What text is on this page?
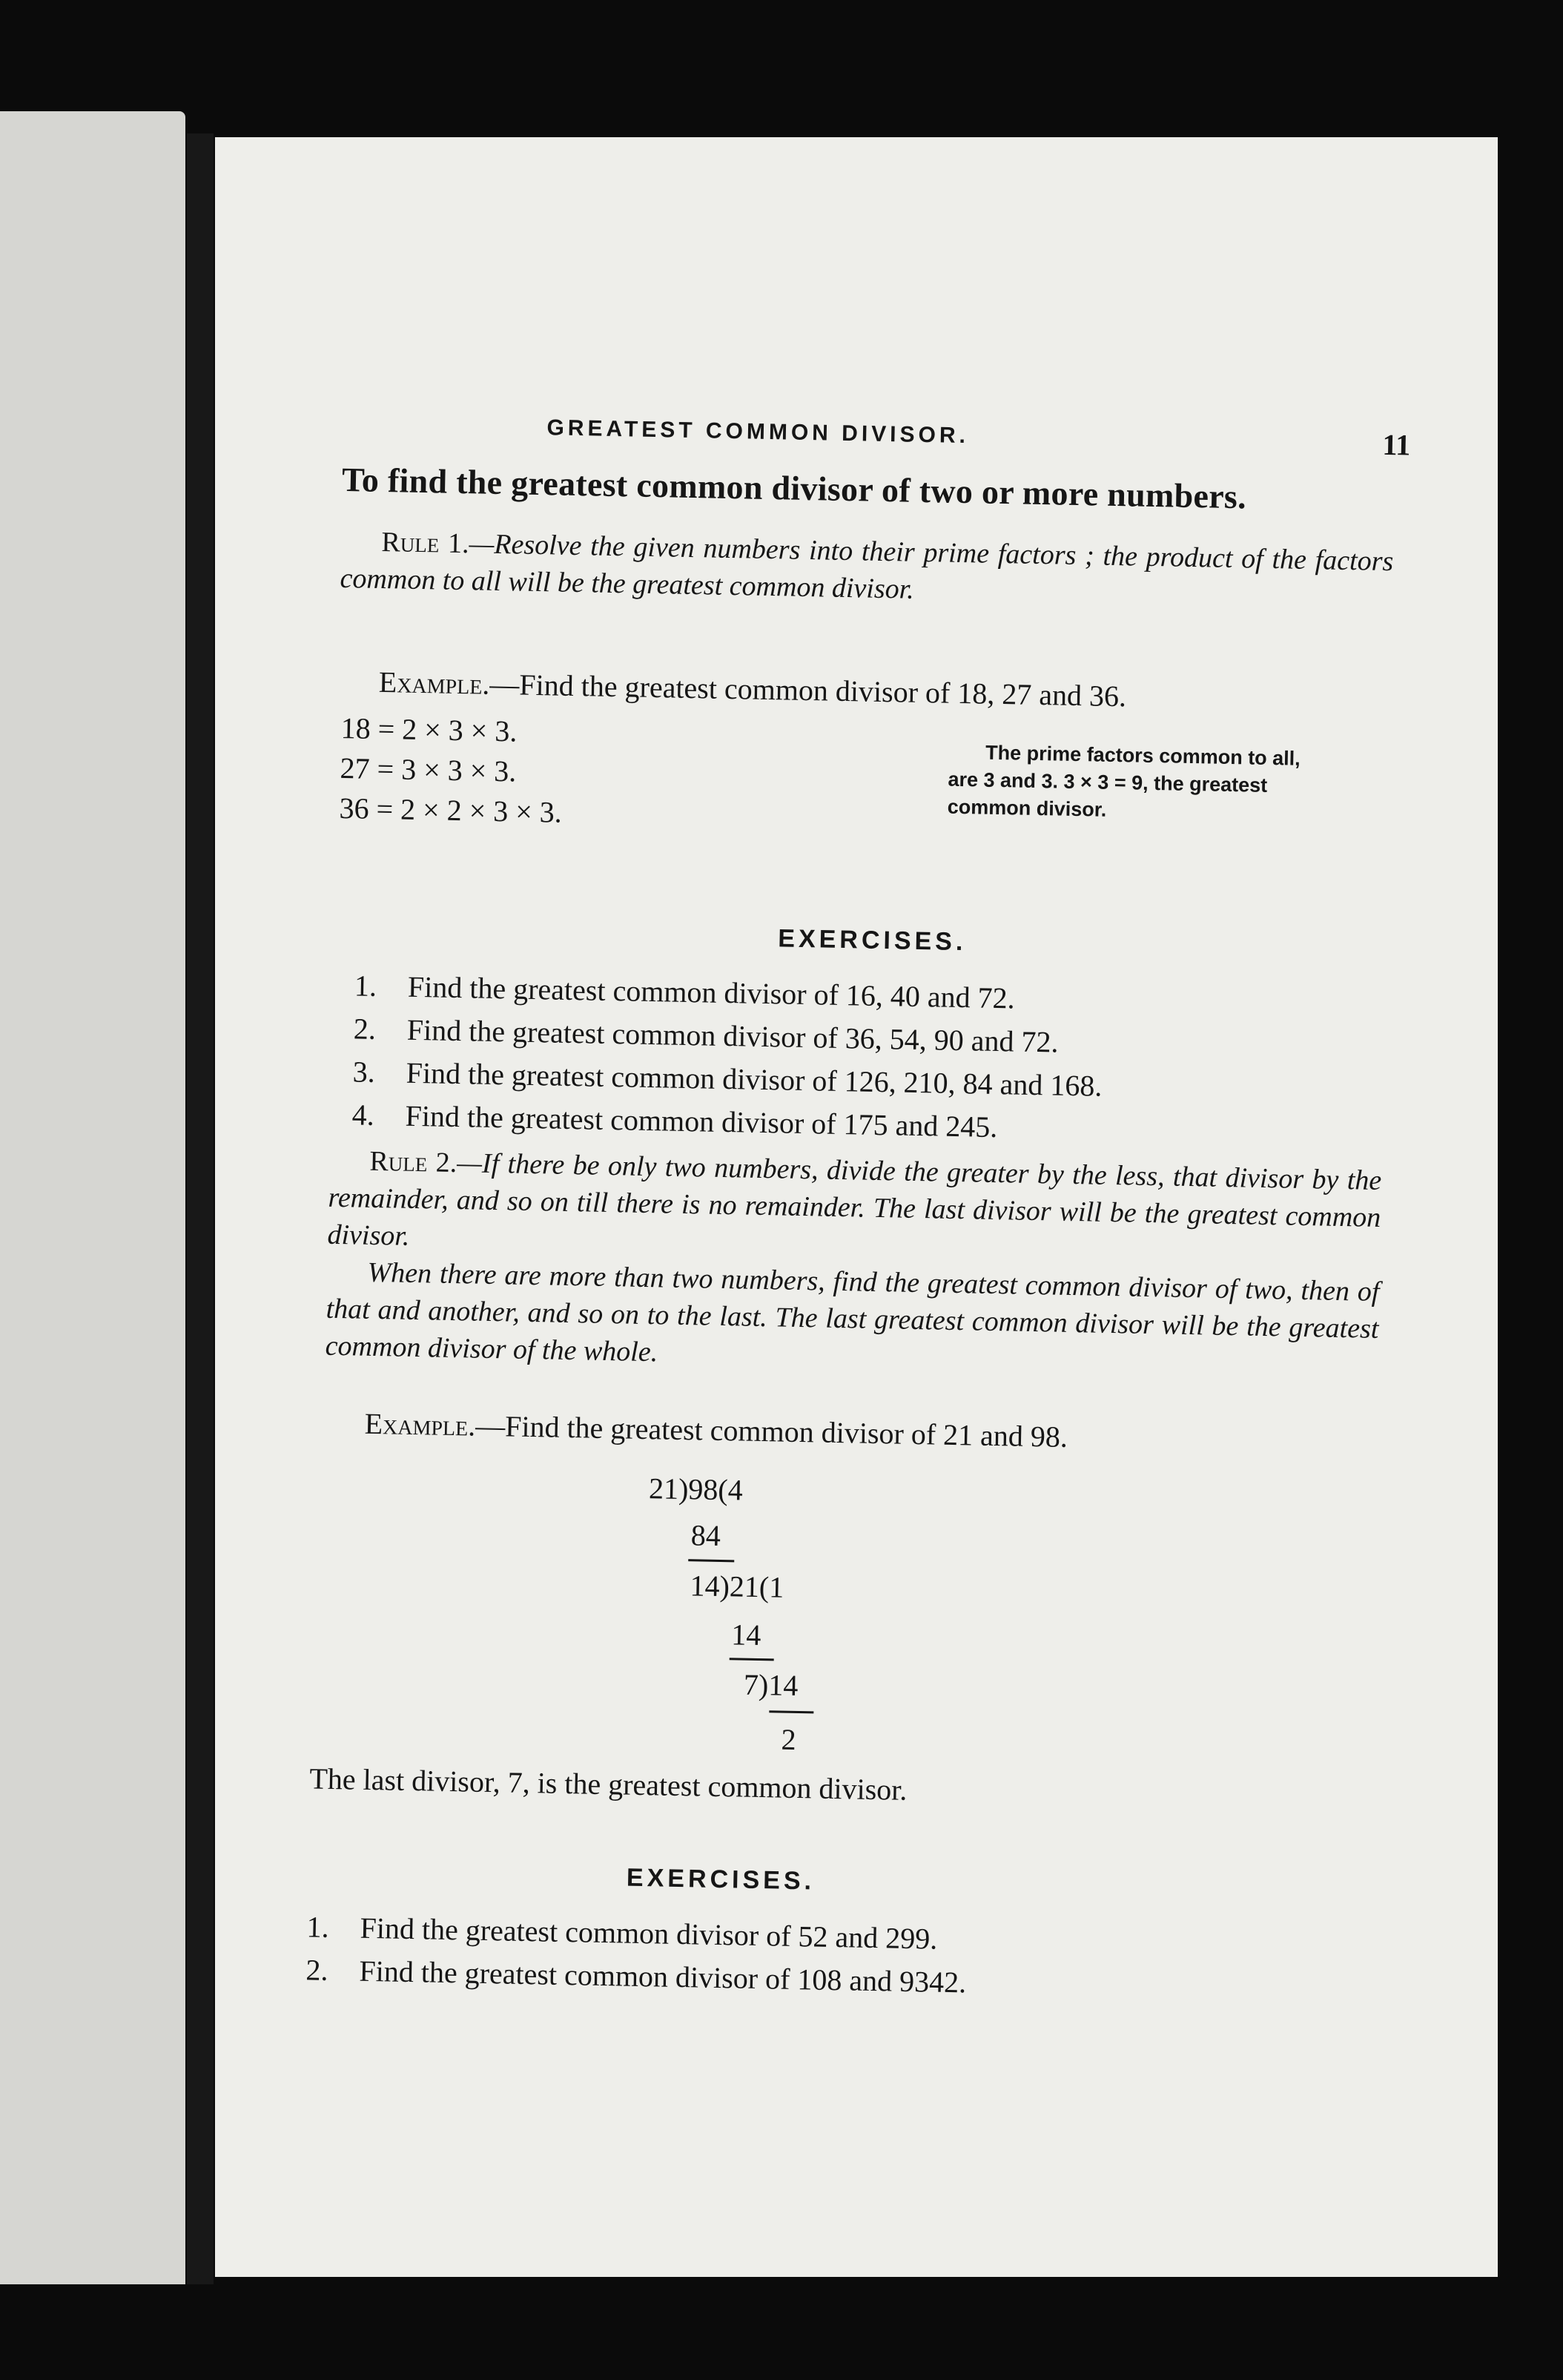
GREATEST COMMON DIVISOR.	11
To find the greatest common divisor of two or more numbers.
Rule 1.—Resolve the given numbers into their prime factors ; the product of the factors common to all will be the greatest common divisor.
Example.—Find the greatest common divisor of 18, 27 and 36.
18 = 2 × 3 × 3.
27 = 3 × 3 × 3.
36 = 2 × 2 × 3 × 3.
The prime factors common to all,
are 3 and 3. 3 × 3 = 9, the greatest
common divisor.
EXERCISES.
1. Find the greatest common divisor of 16, 40 and 72.
2. Find the greatest common divisor of 36, 54, 90 and 72.
3. Find the greatest common divisor of 126, 210, 84 and 168.
4. Find the greatest common divisor of 175 and 245.
Rule 2.—If there be only two numbers, divide the greater by the less, that divisor by the remainder, and so on till there is no remainder. The last divisor will be the greatest common divisor.
When there are more than two numbers, find the greatest common divisor of two, then of that and another, and so on to the last. The last greatest common divisor will be the greatest common divisor of the whole.
Example.—Find the greatest common divisor of 21 and 98.
21)98(4
84
14)21(1
14
7)14
2
The last divisor, 7, is the greatest common divisor.
EXERCISES.
1. Find the greatest common divisor of 52 and 299.
2. Find the greatest common divisor of 108 and 9342.
